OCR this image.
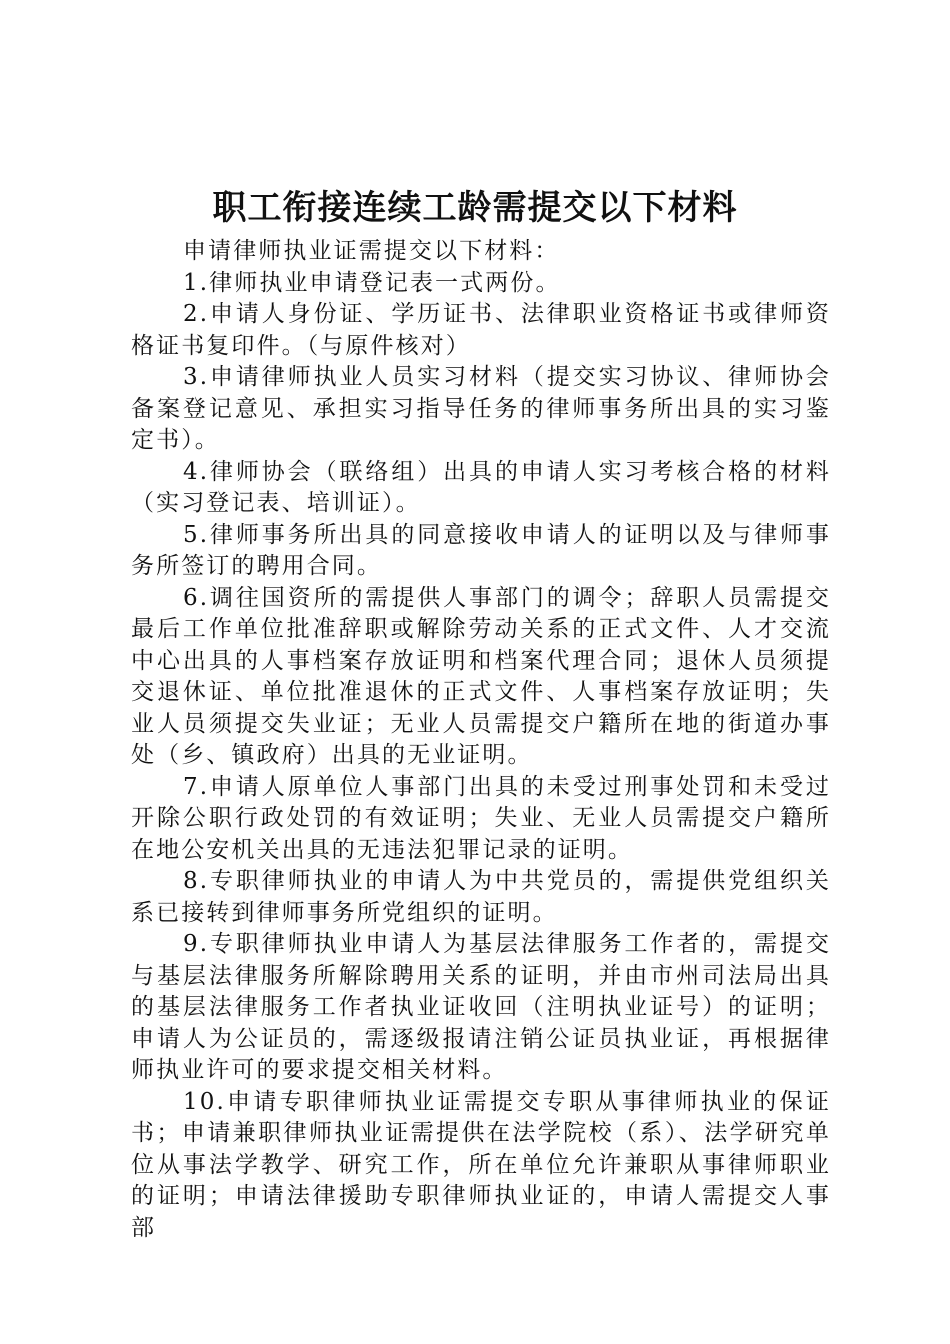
职工衔接连续工龄需提交以下材料

申请律师执业证需提交以下材料：

1.律师执业申请登记表一式两份。

2.申请人身份证、学历证书、法律职业资格证书或律师资格证书复印件。（与原件核对）

3.申请律师执业人员实习材料（提交实习协议、律师协会备案登记意见、承担实习指导任务的律师事务所出具的实习鉴定书）。

4.律师协会（联络组）出具的申请人实习考核合格的材料（实习登记表、培训证）。

5.律师事务所出具的同意接收申请人的证明以及与律师事务所签订的聘用合同。

6.调往国资所的需提供人事部门的调令；辞职人员需提交最后工作单位批准辞职或解除劳动关系的正式文件、人才交流中心出具的人事档案存放证明和档案代理合同；退休人员须提交退休证、单位批准退休的正式文件、人事档案存放证明；失业人员须提交失业证；无业人员需提交户籍所在地的街道办事处（乡、镇政府）出具的无业证明。

7.申请人原单位人事部门出具的未受过刑事处罚和未受过开除公职行政处罚的有效证明；失业、无业人员需提交户籍所在地公安机关出具的无违法犯罪记录的证明。

8.专职律师执业的申请人为中共党员的，需提供党组织关系已接转到律师事务所党组织的证明。

9.专职律师执业申请人为基层法律服务工作者的，需提交与基层法律服务所解除聘用关系的证明，并由市州司法局出具的基层法律服务工作者执业证收回（注明执业证号）的证明；申请人为公证员的，需逐级报请注销公证员执业证，再根据律师执业许可的要求提交相关材料。

10.申请专职律师执业证需提交专职从事律师执业的保证书；申请兼职律师执业证需提供在法学院校（系）、法学研究单位从事法学教学、研究工作，所在单位允许兼职从事律师职业的证明；申请法律援助专职律师执业证的，申请人需提交人事部
